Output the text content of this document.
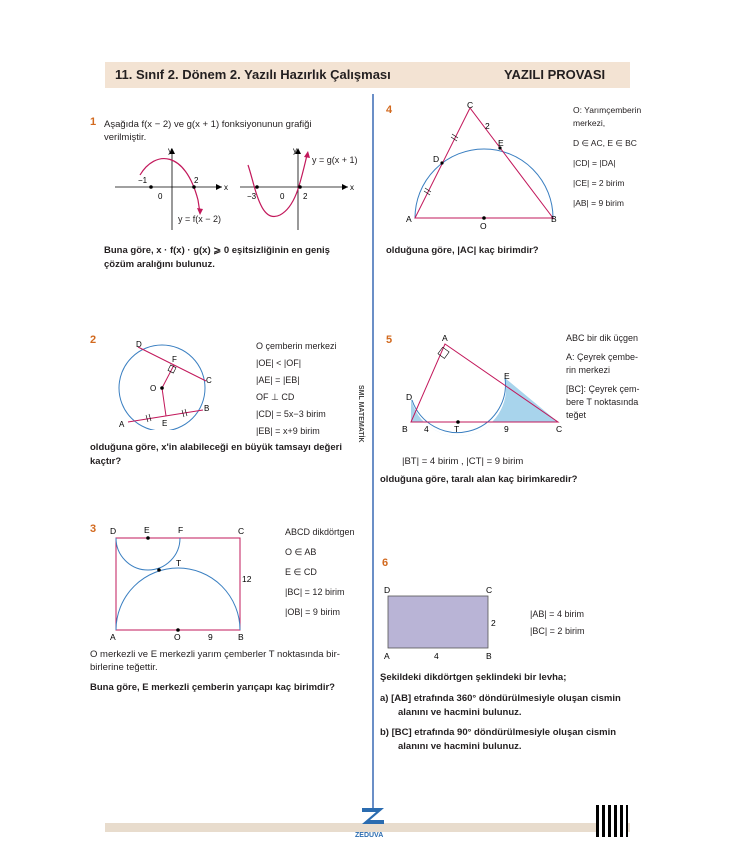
11. Sınıf 2. Dönem 2. Yazılı Hazırlık Çalışması	YAZILI PROVASI
SML MATEMATİK
1 Aşağıda f(x − 2) ve g(x + 1) fonksiyonunun grafiği
verilmiştir.
y
x
−1
0
2
y
x
−3	0 2
y = g(x + 1)
y = f(x − 2)
Buna göre, x · f(x) · g(x) ⩾ 0 eşitsizliğinin en geniş
çözüm aralığını bulunuz.
2	D
F
C
O
A	E
B
O çemberin merkezi
|OE| < |OF|
|AE| = |EB|
OF ⊥ CD
|CD| = 5x−3 birim
|EB| = x+9 birim
olduğuna göre, x'in alabileceği en büyük tamsayı değeri
kaçtır?
3 D	E	F	C
T
12
A	O	9	B
ABCD dikdörtgen
O ∈ AB
E ∈ CD
|BC| = 12 birim
|OB| = 9 birim
O merkezli ve E merkezli yarım çemberler T noktasında bir-
birlerine teğettir.
Buna göre, E merkezli çemberin yarıçapı kaç birimdir?
4	C
2
E
D
A
O
B
O: Yarımçemberin
merkezi,
D ∈ AC, E ∈ BC
|CD| = |DA|
|CE| = 2 birim
|AB| = 9 birim
olduğuna göre, |AC| kaç birimdir?
5	A
E
D
B 4	T	9	C
ABC bir dik üçgen
A: Çeyrek çembe-
rin merkezi
[BC]: Çeyrek çem-
bere T noktasında
teğet
|BT| = 4 birim , |CT| = 9 birim
olduğuna göre, taralı alan kaç birimkaredir?
6
D	C
2
A	4	B
|AB| = 4 birim
|BC| = 2 birim
Şekildeki dikdörtgen şeklindeki bir levha;
a) [AB] etrafında 360° döndürülmesiyle oluşan cismin
alanını ve hacmini bulunuz.
b) [BC] etrafında 90° döndürülmesiyle oluşan cismin
alanını ve hacmini bulunuz.
ZEDUVA
